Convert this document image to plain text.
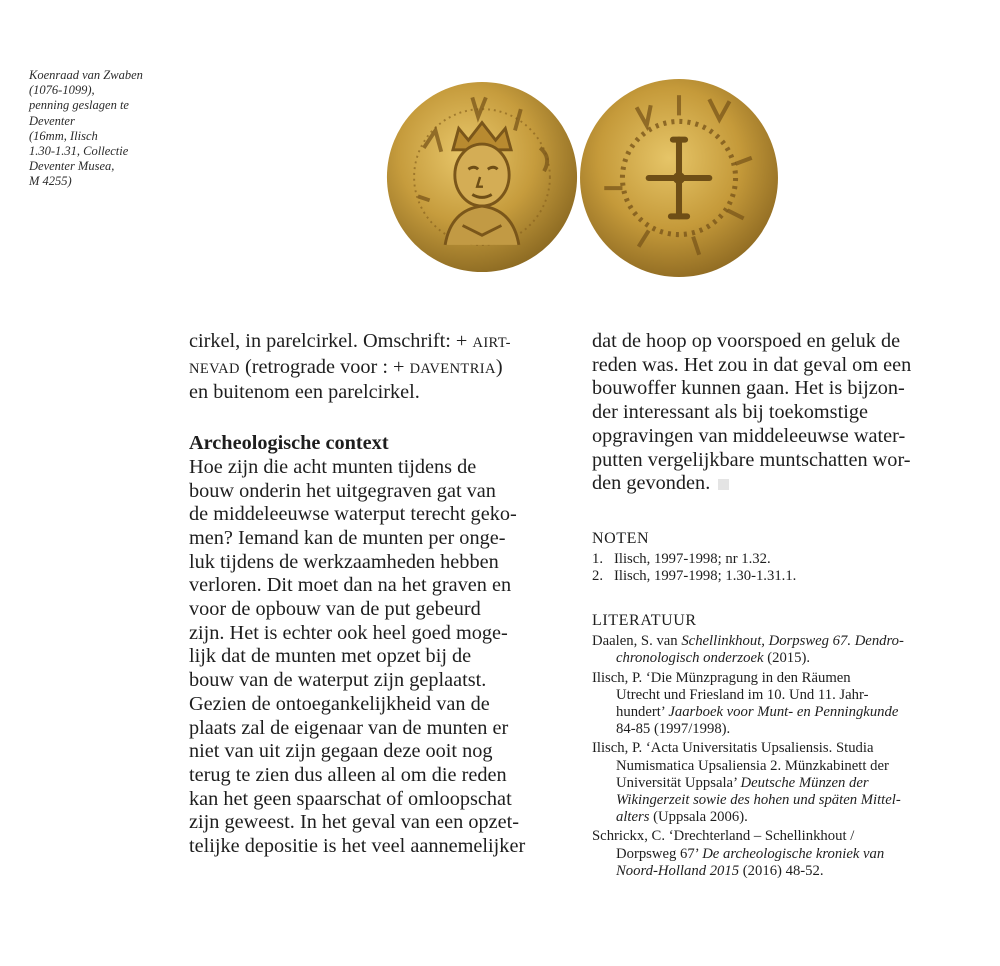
Koenraad van Zwaben
(1076-1099),
penning geslagen te
Deventer
(16mm, Ilisch
1.30-1.31, Collectie
Deventer Musea,
M 4255)
cirkel, in parelcirkel. Omschrift: + AIRT-
NEVAD (retrograde voor : + DAVENTRIA)
en buitenom een parelcirkel.
Archeologische context
Hoe zijn die acht munten tijdens de
bouw onderin het uitgegraven gat van
de middeleeuwse waterput terecht geko-
men? Iemand kan de munten per onge-
luk tijdens de werkzaamheden hebben
verloren. Dit moet dan na het graven en
voor de opbouw van de put gebeurd
zijn. Het is echter ook heel goed moge-
lijk dat de munten met opzet bij de
bouw van de waterput zijn geplaatst.
Gezien de ontoegankelijkheid van de
plaats zal de eigenaar van de munten er
niet van uit zijn gegaan deze ooit nog
terug te zien dus alleen al om die reden
kan het geen spaarschat of omloopschat
zijn geweest. In het geval van een opzet-
telijke depositie is het veel aannemelijker
dat de hoop op voorspoed en geluk de
reden was. Het zou in dat geval om een
bouwoffer kunnen gaan. Het is bijzon-
der interessant als bij toekomstige
opgravingen van middeleeuwse water-
putten vergelijkbare muntschatten wor-
den gevonden.
NOTEN
1. Ilisch, 1997-1998; nr 1.32.
2. Ilisch, 1997-1998; 1.30-1.31.1.
LITERATUUR
Daalen, S. van Schellinkhout, Dorpsweg 67. Dendro-
chronologisch onderzoek (2015).
Ilisch, P. ‘Die Münzpragung in den Räumen
Utrecht und Friesland im 10. Und 11. Jahr-
hundert’ Jaarboek voor Munt- en Penningkunde
84-85 (1997/1998).
Ilisch, P. ‘Acta Universitatis Upsaliensis. Studia
Numismatica Upsaliensia 2. Münzkabinett der
Universität Uppsala’ Deutsche Münzen der
Wikingerzeit sowie des hohen und späten Mittel-
alters (Uppsala 2006).
Schrickx, C. ‘Drechterland – Schellinkhout /
Dorpsweg 67’ De archeologische kroniek van
Noord-Holland 2015 (2016) 48-52.
